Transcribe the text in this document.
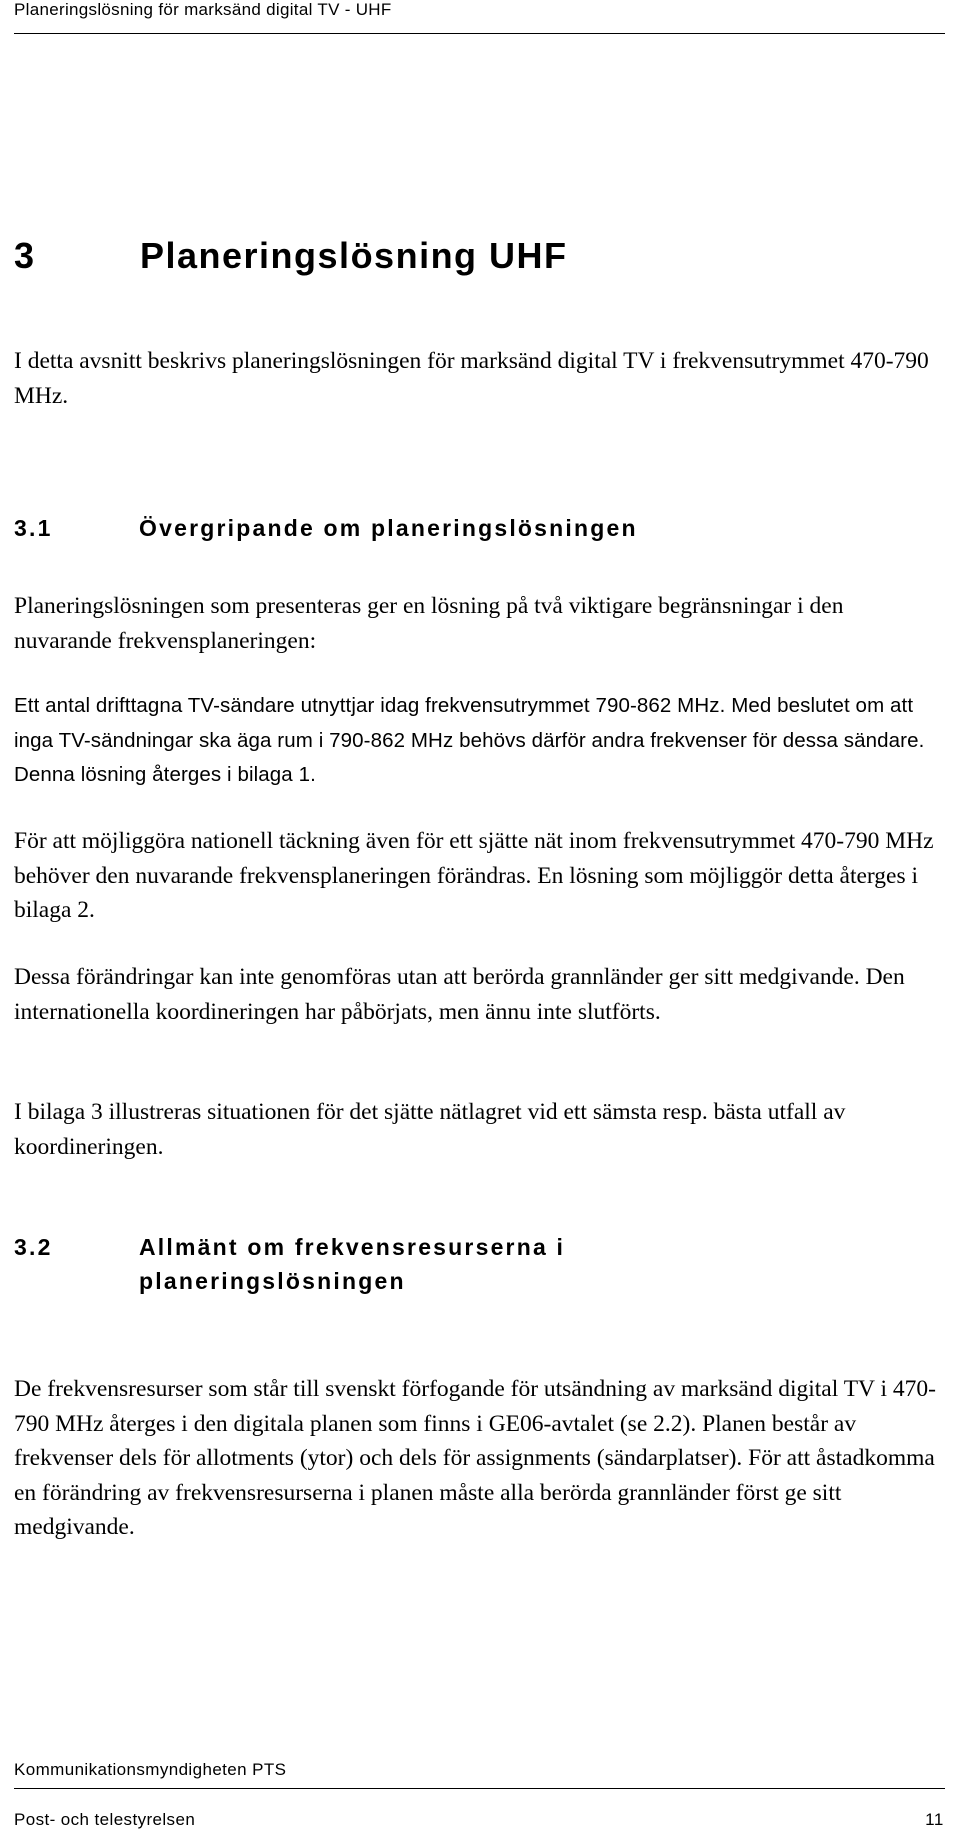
Planeringslösning för marksänd digital TV - UHF
3	Planeringslösning UHF
I detta avsnitt beskrivs planeringslösningen för marksänd digital TV i frekvensutrymmet 470-790 MHz.
3.1	Övergripande om planeringslösningen
Planeringslösningen som presenteras ger en lösning på två viktigare begränsningar i den nuvarande frekvensplaneringen:
Ett antal drifttagna TV-sändare utnyttjar idag frekvensutrymmet 790-862 MHz. Med beslutet om att inga TV-sändningar ska äga rum i 790-862 MHz behövs därför andra frekvenser för dessa sändare. Denna lösning återges i bilaga 1.
För att möjliggöra nationell täckning även för ett sjätte nät inom frekvensutrymmet 470-790 MHz behöver den nuvarande frekvensplaneringen förändras. En lösning som möjliggör detta återges i bilaga 2.
Dessa förändringar kan inte genomföras utan att berörda grannländer ger sitt medgivande. Den internationella koordineringen har påbörjats, men ännu inte slutförts.
I bilaga 3 illustreras situationen för det sjätte nätlagret vid ett sämsta resp. bästa utfall av koordineringen.
3.2	Allmänt om frekvensresurserna i planeringslösningen
De frekvensresurser som står till svenskt förfogande för utsändning av marksänd digital TV i 470-790 MHz återges i den digitala planen som finns i GE06-avtalet (se 2.2). Planen består av frekvenser dels för allotments (ytor) och dels för assignments (sändarplatser). För att åstadkomma en förändring av frekvensresurserna i planen måste alla berörda grannländer först ge sitt medgivande.
Kommunikationsmyndigheten PTS
Post- och telestyrelsen	11
